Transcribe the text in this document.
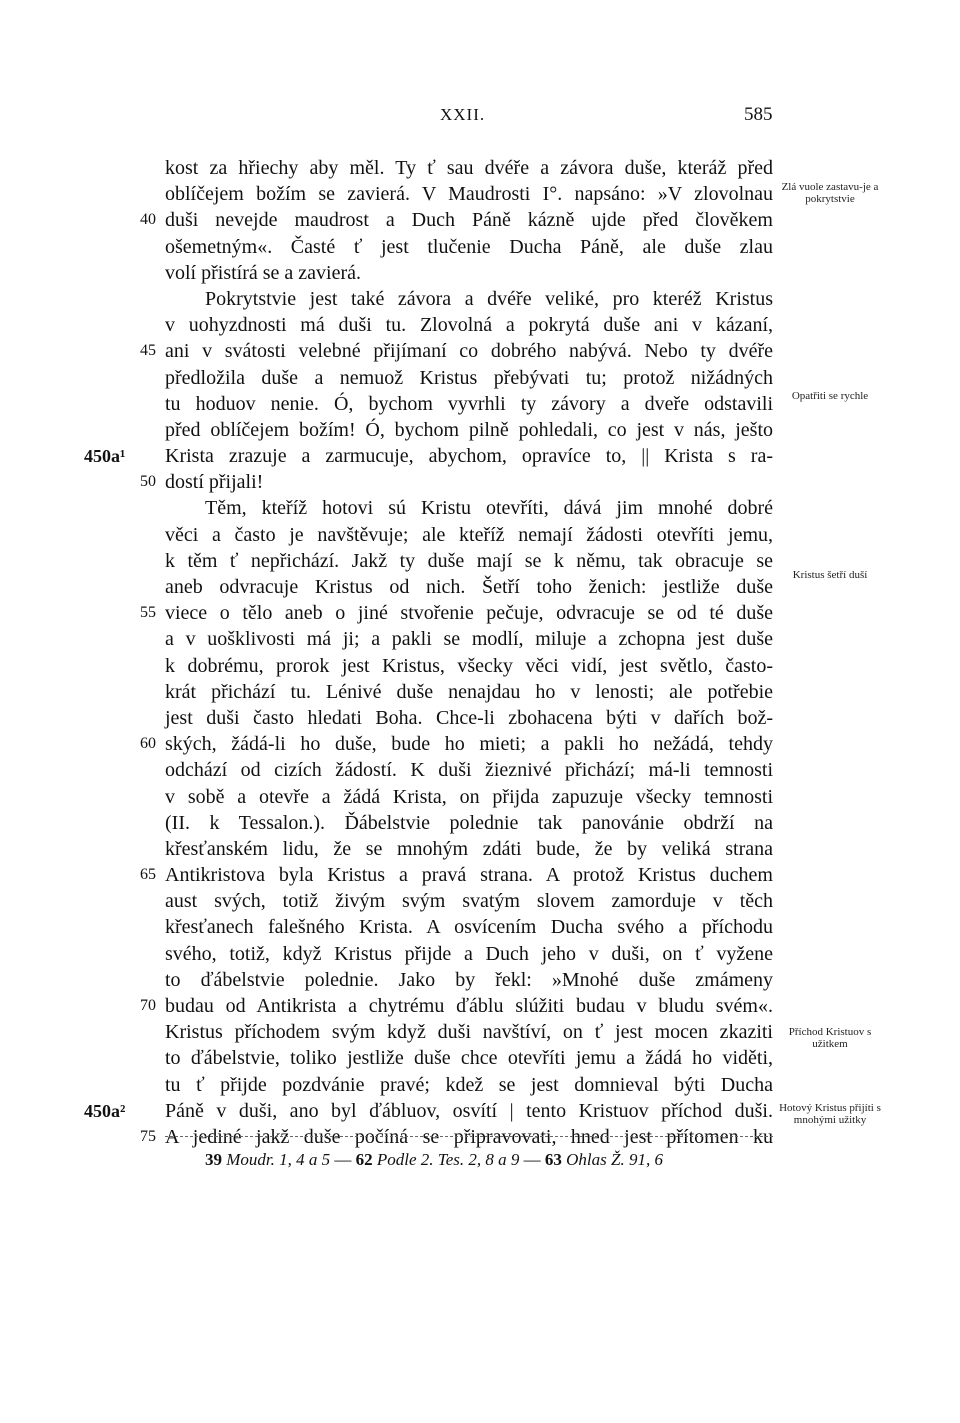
XXII.	585
kost za hřiechy aby měl. Ty ť sau dvéře a závora duše, kteráž před
oblíčejem božím se zavierá. V Maudrosti I°. napsáno: »V zlovolnau
40 duši nevejde maudrost a Duch Páně kázně ujde před člověkem
ošemetným«. Časté ť jest tlučenie Ducha Páně, ale duše zlau
volí přistírá se a zavierá.
Pokrytstvie jest také závora a dvéře veliké, pro kteréž Kristus
v uohyzdnosti má duši tu. Zlovolná a pokrytá duše ani v kázaní,
45 ani v svátosti velebné přijímaní co dobrého nabývá. Nebo ty dvéře
předložila duše a nemuož Kristus přebývati tu; protož nižádných
tu hoduov nenie. Ó, bychom vyvrhli ty závory a dveře odstavili
před oblíčejem božím! Ó, bychom pilně pohledali, co jest v nás, ješto
450a¹ Krista zrazuje a zarmucuje, abychom, opravíce to, || Krista s ra-
50 dostí přijali!
Těm, kteříž hotovi sú Kristu otevříti, dává jim mnohé dobré
věci a často je navštěvuje; ale kteříž nemají žádosti otevříti jemu,
k těm ť nepřichází. Jakž ty duše mají se k němu, tak obracuje se
aneb odvracuje Kristus od nich. Šetří toho ženich: jestliže duše
55 viece o tělo aneb o jiné stvořenie pečuje, odvracuje se od té duše
a v uošklivosti má ji; a pakli se modlí, miluje a zchopna jest duše
k dobrému, prorok jest Kristus, všecky věci vidí, jest světlo, často-
krát přichází tu. Lénivé duše nenajdau ho v lenosti; ale potřebie
jest duši často hledati Boha. Chce-li zbohacena býti v dařích bož-
60 ských, žádá-li ho duše, bude ho mieti; a pakli ho nežádá, tehdy
odchází od cizích žádostí. K duši žieznivé přichází; má-li temnosti
v sobě a otevře a žádá Krista, on přijda zapuzuje všecky temnosti
(II. k Tessalon.). Ďábelstvie polednie tak panovánie obdrží na
křesťanském lidu, že se mnohým zdáti bude, že by veliká strana
65 Antikristova byla Kristus a pravá strana. A protož Kristus duchem
aust svých, totiž živým svým svatým slovem zamorduje v těch
křesťanech falešného Krista. A osvícením Ducha svého a příchodu
svého, totiž, když Kristus přijde a Duch jeho v duši, on ť vyžene
to ďábelstvie polednie. Jako by řekl: »Mnohé duše zmámeny
70 budau od Antikrista a chytrému ďáblu slúžiti budau v bludu svém«.
Kristus příchodem svým když duši navštíví, on ť jest mocen zkaziti
to ďábelstvie, toliko jestliže duše chce otevříti jemu a žádá ho viděti,
tu ť přijde pozdvánie pravé; kdež se jest domnieval býti Ducha
450a² Páně v duši, ano byl ďábluov, osvítí | tento Kristuov příchod duši.
75 A jediné jakž duše počíná se připravovati, hned jest přítomen ku
Zlá vuole zastavu-je a pokrytstvie
Opatřiti se rychle
Kristus šetří duší
Příchod Kristuov s užitkem
Hotový Kristus přijíti s mnohými užitky
39 Moudr. 1, 4 a 5 — 62 Podle 2. Tes. 2, 8 a 9 — 63 Ohlas Ž. 91, 6
